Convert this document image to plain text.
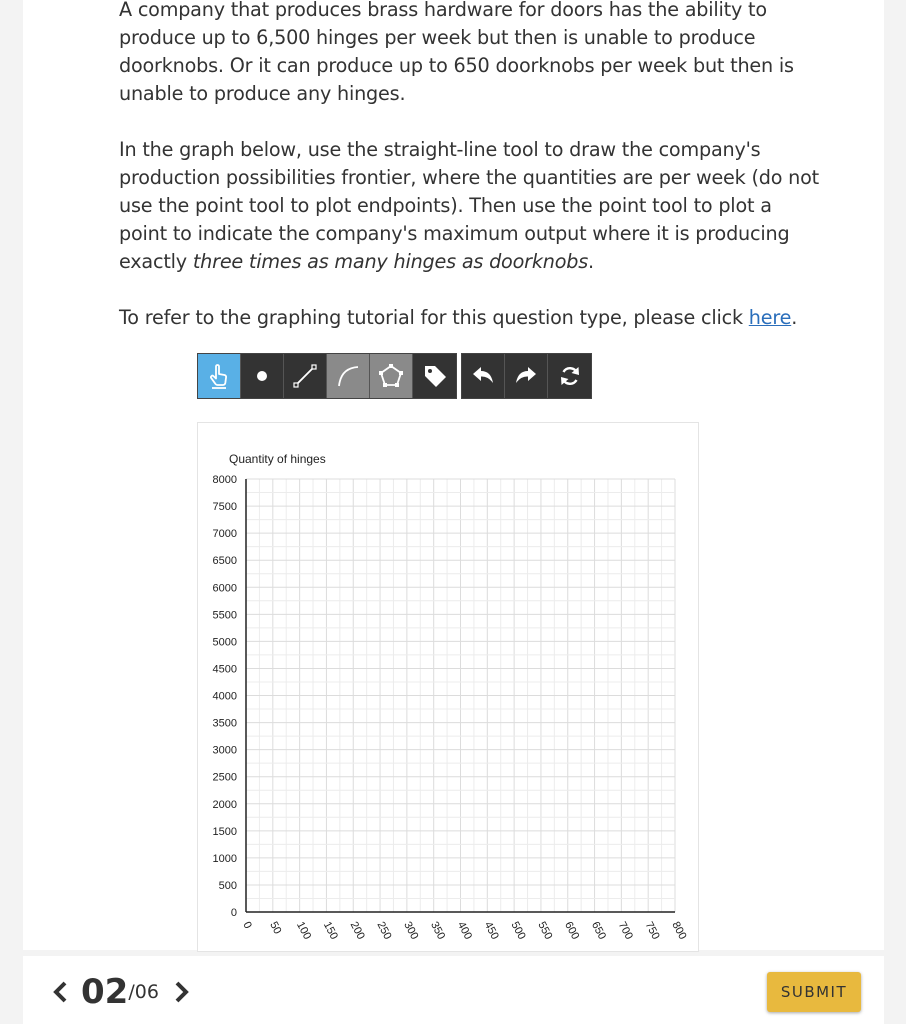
A company that produces brass hardware for doors has the ability to produce up to 6,500 hinges per week but then is unable to produce doorknobs. Or it can produce up to 650 doorknobs per week but then is unable to produce any hinges.

In the graph below, use the straight-line tool to draw the company's production possibilities frontier, where the quantities are per week (do not use the point tool to plot endpoints). Then use the point tool to plot a point to indicate the company's maximum output where it is producing exactly three times as many hinges as doorknobs.

To refer to the graphing tutorial for this question type, please click here.

0
500
1000
1500
2000
2500
3000
3500
4000
4500
5000
5500
6000
6500
7000
7500
8000
0 50 100 150 200 250 300 350 400 450 500 550 600 650 700 750 800
Quantity of hinges
02 /06	SUBMIT
